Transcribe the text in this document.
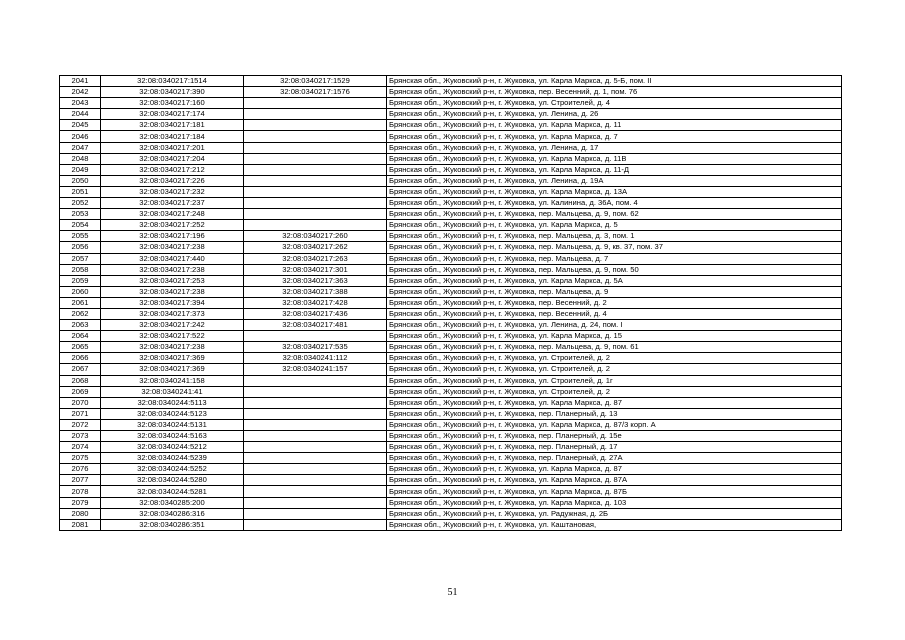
2041	32:08:0340217:1514	32:08:0340217:1529	Брянская обл., Жуковский р-н, г. Жуковка, ул. Карла Маркса, д. 5-Б, пом. II
2042	32:08:0340217:390	32:08:0340217:1576	Брянская обл., Жуковский р-н, г. Жуковка, пер. Весенний, д. 1, пом. 76
2043	32:08:0340217:160		Брянская обл., Жуковский р-н, г. Жуковка, ул. Строителей, д. 4
2044	32:08:0340217:174		Брянская обл., Жуковский р-н, г. Жуковка, ул. Ленина, д. 26
2045	32:08:0340217:181		Брянская обл., Жуковский р-н, г. Жуковка, ул. Карла Маркса, д. 11
2046	32:08:0340217:184		Брянская обл., Жуковский р-н, г. Жуковка, ул. Карла Маркса, д. 7
2047	32:08:0340217:201		Брянская обл., Жуковский р-н, г. Жуковка, ул. Ленина, д. 17
2048	32:08:0340217:204		Брянская обл., Жуковский р-н, г. Жуковка, ул. Карла Маркса, д. 11В
2049	32:08:0340217:212		Брянская обл., Жуковский р-н, г. Жуковка, ул. Карла Маркса, д. 11-Д
2050	32:08:0340217:226		Брянская обл., Жуковский р-н, г. Жуковка, ул. Ленина, д. 19А
2051	32:08:0340217:232		Брянская обл., Жуковский р-н, г. Жуковка, ул. Карла Маркса, д. 13А
2052	32:08:0340217:237		Брянская обл., Жуковский р-н, г. Жуковка, ул. Калинина, д. 36А, пом. 4
2053	32:08:0340217:248		Брянская обл., Жуковский р-н, г. Жуковка, пер. Мальцева, д. 9, пом. 62
2054	32:08:0340217:252		Брянская обл., Жуковский р-н, г. Жуковка, ул. Карла Маркса, д. 5
2055	32:08:0340217:196	32:08:0340217:260	Брянская обл., Жуковский р-н, г. Жуковка, пер. Мальцева, д. 3, пом. 1
2056	32:08:0340217:238	32:08:0340217:262	Брянская обл., Жуковский р-н, г. Жуковка, пер. Мальцева, д. 9, кв. 37, пом. 37
2057	32:08:0340217:440	32:08:0340217:263	Брянская обл., Жуковский р-н, г. Жуковка, пер. Мальцева, д. 7
2058	32:08:0340217:238	32:08:0340217:301	Брянская обл., Жуковский р-н, г. Жуковка, пер. Мальцева, д. 9, пом. 50
2059	32:08:0340217:253	32:08:0340217:363	Брянская обл., Жуковский р-н, г. Жуковка, ул. Карла Маркса, д. 5А
2060	32:08:0340217:238	32:08:0340217:388	Брянская обл., Жуковский р-н, г. Жуковка, пер. Мальцева, д. 9
2061	32:08:0340217:394	32:08:0340217:428	Брянская обл., Жуковский р-н, г. Жуковка, пер. Весенний, д. 2
2062	32:08:0340217:373	32:08:0340217:436	Брянская обл., Жуковский р-н, г. Жуковка, пер. Весенний, д. 4
2063	32:08:0340217:242	32:08:0340217:481	Брянская обл., Жуковский р-н, г. Жуковка, ул. Ленина, д. 24, пом. I
2064	32:08:0340217:522		Брянская обл., Жуковский р-н, г. Жуковка, ул. Карла Маркса, д. 15
2065	32:08:0340217:238	32:08:0340217:535	Брянская обл., Жуковский р-н, г. Жуковка, пер. Мальцева, д. 9, пом. 61
2066	32:08:0340217:369	32:08:0340241:112	Брянская обл., Жуковский р-н, г. Жуковка, ул. Строителей, д. 2
2067	32:08:0340217:369	32:08:0340241:157	Брянская обл., Жуковский р-н, г. Жуковка, ул. Строителей, д. 2
2068	32:08:0340241:158		Брянская обл., Жуковский р-н, г. Жуковка, ул. Строителей, д. 1г
2069	32:08:0340241:41		Брянская обл., Жуковский р-н, г. Жуковка, ул. Строителей, д. 2
2070	32:08:0340244:5113		Брянская обл., Жуковский р-н, г. Жуковка, ул. Карла Маркса, д. 87
2071	32:08:0340244:5123		Брянская обл., Жуковский р-н, г. Жуковка, пер. Планерный, д. 13
2072	32:08:0340244:5131		Брянская обл., Жуковский р-н, г. Жуковка, ул. Карла Маркса, д. 87/3 корп. А
2073	32:08:0340244:5163		Брянская обл., Жуковский р-н, г. Жуковка, пер. Планерный, д. 15е
2074	32:08:0340244:5212		Брянская обл., Жуковский р-н, г. Жуковка, пер. Планерный, д. 17
2075	32:08:0340244:5239		Брянская обл., Жуковский р-н, г. Жуковка, пер. Планерный, д. 27А
2076	32:08:0340244:5252		Брянская обл., Жуковский р-н, г. Жуковка, ул. Карла Маркса, д. 87
2077	32:08:0340244:5280		Брянская обл., Жуковский р-н, г. Жуковка, ул. Карла Маркса, д. 87А
2078	32:08:0340244:5281		Брянская обл., Жуковский р-н, г. Жуковка, ул. Карла Маркса, д. 87Б
2079	32:08:0340285:200		Брянская обл., Жуковский р-н, г. Жуковка, ул. Карла Маркса, д. 103
2080	32:08:0340286:316		Брянская обл., Жуковский р-н, г. Жуковка, ул. Радужная, д. 2Б
2081	32:08:0340286:351		Брянская обл., Жуковский р-н, г. Жуковка, ул. Каштановая,
51
